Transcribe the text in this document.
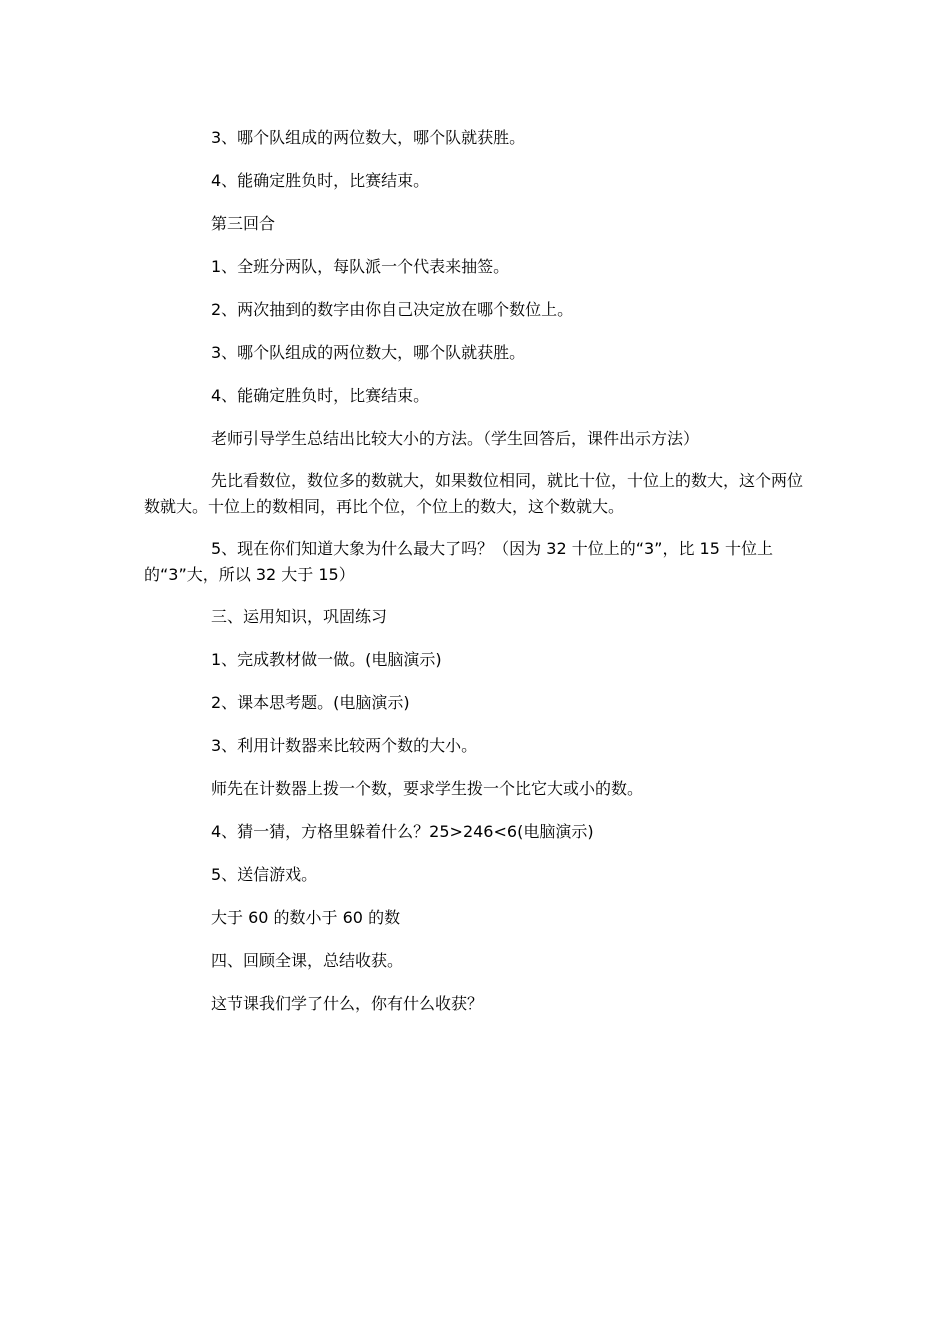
3、哪个队组成的两位数大，哪个队就获胜。
4、能确定胜负时，比赛结束。
第三回合
1、全班分两队，每队派一个代表来抽签。
2、两次抽到的数字由你自己决定放在哪个数位上。
3、哪个队组成的两位数大，哪个队就获胜。
4、能确定胜负时，比赛结束。
老师引导学生总结出比较大小的方法。（学生回答后，课件出示方法）
先比看数位，数位多的数就大，如果数位相同，就比十位，十位上的数大，这个两位数就大。十位上的数相同，再比个位，个位上的数大，这个数就大。
5、现在你们知道大象为什么最大了吗？（因为 32 十位上的“3”，比 15 十位上的“3”大，所以 32 大于 15）
三、运用知识，巩固练习
1、完成教材做一做。(电脑演示)
2、课本思考题。(电脑演示)
3、利用计数器来比较两个数的大小。
师先在计数器上拨一个数，要求学生拨一个比它大或小的数。
4、猜一猜，方格里躲着什么？25>246<6(电脑演示)
5、送信游戏。
大于 60 的数小于 60 的数
四、回顾全课，总结收获。
这节课我们学了什么，你有什么收获？
